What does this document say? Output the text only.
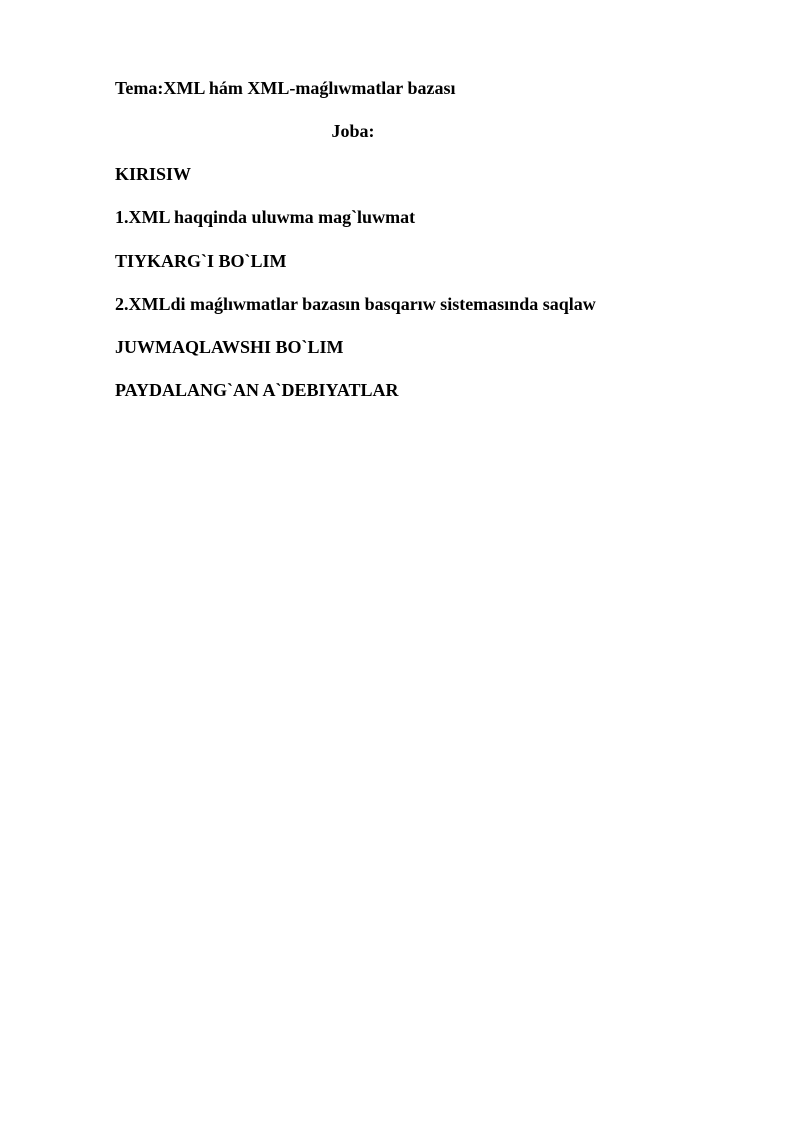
Tema:XML hám XML-maǵlıwmatlar bazası
Joba:
KIRISIW
1.XML haqqinda uluwma mag`luwmat
TIYKARG`I BO`LIM
2.XMLdi maǵlıwmatlar bazasın basqarıw sistemasında saqlaw
JUWMAQLAWSHI BO`LIM
PAYDALANG`AN A`DEBIYATLAR
